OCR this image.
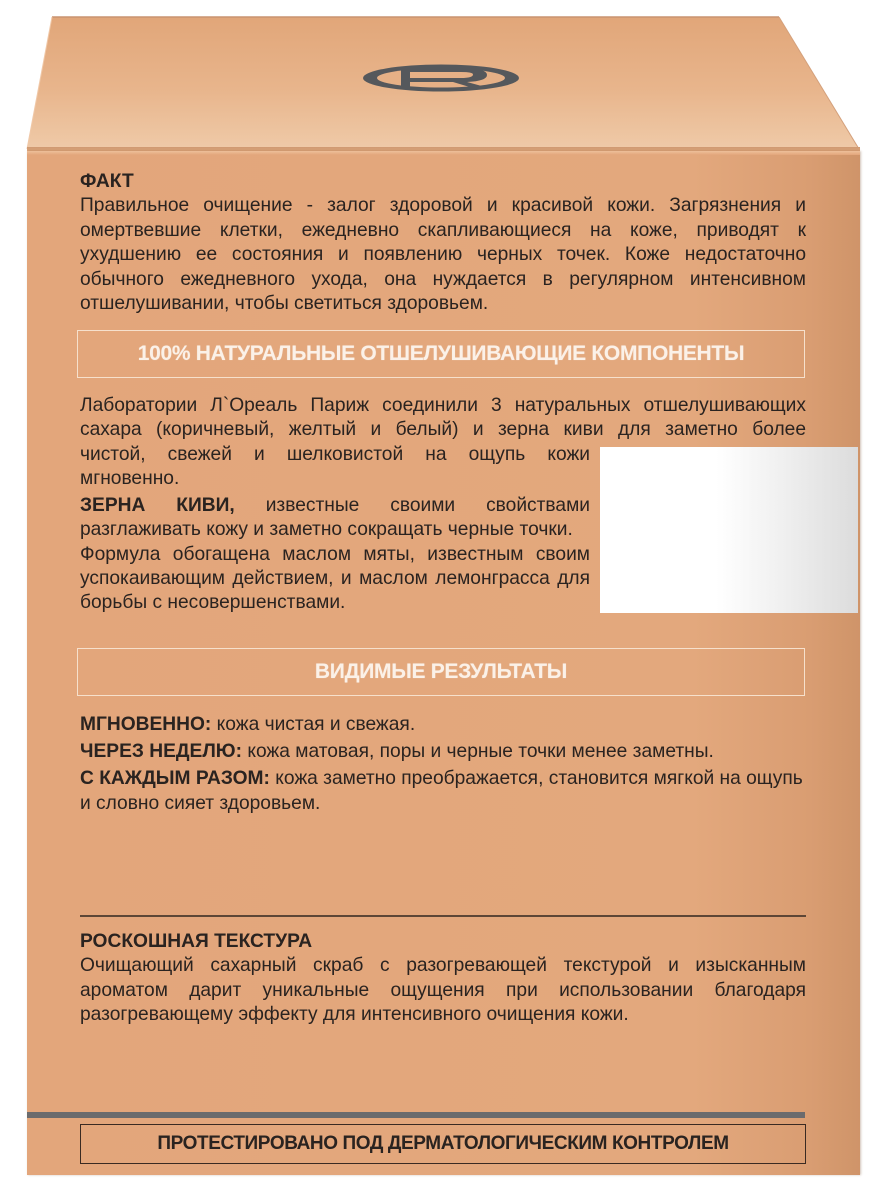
ФАКТ
Правильное очищение - залог здоровой и красивой кожи. Загрязнения и омертвевшие клетки, ежедневно скапливающиеся на коже, приводят к ухудшению ее состояния и появлению черных точек. Коже недостаточно обычного ежедневного ухода, она нуждается в регулярном интенсивном отшелушивании, чтобы светиться здоровьем.
100% НАТУРАЛЬНЫЕ ОТШЕЛУШИВАЮЩИЕ КОМПОНЕНТЫ
Лаборатории Л`Ореаль Париж соединили 3 натуральных отшелушивающих
сахара (коричневый, желтый и белый) и зерна киви для заметно более
чистой, свежей и шелковистой на ощупь кожи мгновенно.
ЗЕРНА КИВИ, известные своими свойствами разглаживать кожу и заметно сокращать черные точки.
Формула обогащена маслом мяты, известным своим успокаивающим действием, и маслом лемонграсса для борьбы с несовершенствами.
ВИДИМЫЕ РЕЗУЛЬТАТЫ
МГНОВЕННО: кожа чистая и свежая.
ЧЕРЕЗ НЕДЕЛЮ: кожа матовая, поры и черные точки менее заметны.
С КАЖДЫМ РАЗОМ: кожа заметно преображается, становится мягкой на ощупь и словно сияет здоровьем.
РОСКОШНАЯ ТЕКСТУРА
Очищающий сахарный скраб с разогревающей текстурой и изысканным ароматом дарит уникальные ощущения при использовании благодаря разогревающему эффекту для интенсивного очищения кожи.
ПРОТЕСТИРОВАНО ПОД ДЕРМАТОЛОГИЧЕСКИМ КОНТРОЛЕМ
